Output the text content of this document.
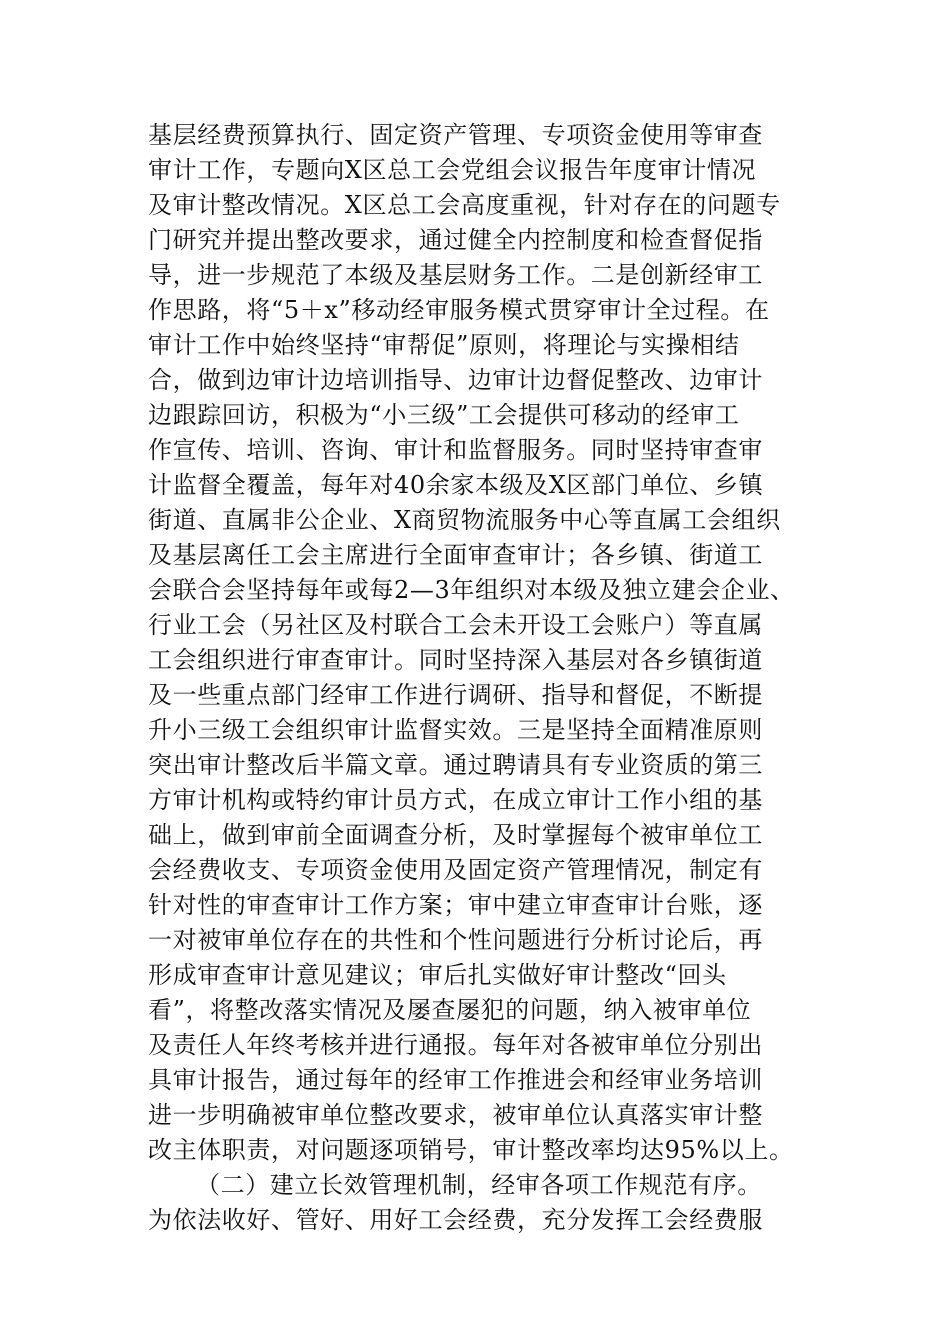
基层经费预算执行、固定资产管理、专项资金使用等审查
审计工作，专题向X区总工会党组会议报告年度审计情况
及审计整改情况。X区总工会高度重视，针对存在的问题专
门研究并提出整改要求，通过健全内控制度和检查督促指
导，进一步规范了本级及基层财务工作。二是创新经审工
作思路，将“5＋x”移动经审服务模式贯穿审计全过程。在
审计工作中始终坚持“审帮促”原则，将理论与实操相结
合，做到边审计边培训指导、边审计边督促整改、边审计
边跟踪回访，积极为“小三级”工会提供可移动的经审工
作宣传、培训、咨询、审计和监督服务。同时坚持审查审
计监督全覆盖，每年对40余家本级及X区部门单位、乡镇
街道、直属非公企业、X商贸物流服务中心等直属工会组织
及基层离任工会主席进行全面审查审计；各乡镇、街道工
会联合会坚持每年或每2—3年组织对本级及独立建会企业、
行业工会（另社区及村联合工会未开设工会账户）等直属
工会组织进行审查审计。同时坚持深入基层对各乡镇街道
及一些重点部门经审工作进行调研、指导和督促，不断提
升小三级工会组织审计监督实效。三是坚持全面精准原则
突出审计整改后半篇文章。通过聘请具有专业资质的第三
方审计机构或特约审计员方式，在成立审计工作小组的基
础上，做到审前全面调查分析，及时掌握每个被审单位工
会经费收支、专项资金使用及固定资产管理情况，制定有
针对性的审查审计工作方案；审中建立审查审计台账，逐
一对被审单位存在的共性和个性问题进行分析讨论后，再
形成审查审计意见建议；审后扎实做好审计整改“回头
看”，将整改落实情况及屡查屡犯的问题，纳入被审单位
及责任人年终考核并进行通报。每年对各被审单位分别出
具审计报告，通过每年的经审工作推进会和经审业务培训
进一步明确被审单位整改要求，被审单位认真落实审计整
改主体职责，对问题逐项销号，审计整改率均达95%以上。
（二）建立长效管理机制，经审各项工作规范有序。
为依法收好、管好、用好工会经费，充分发挥工会经费服
